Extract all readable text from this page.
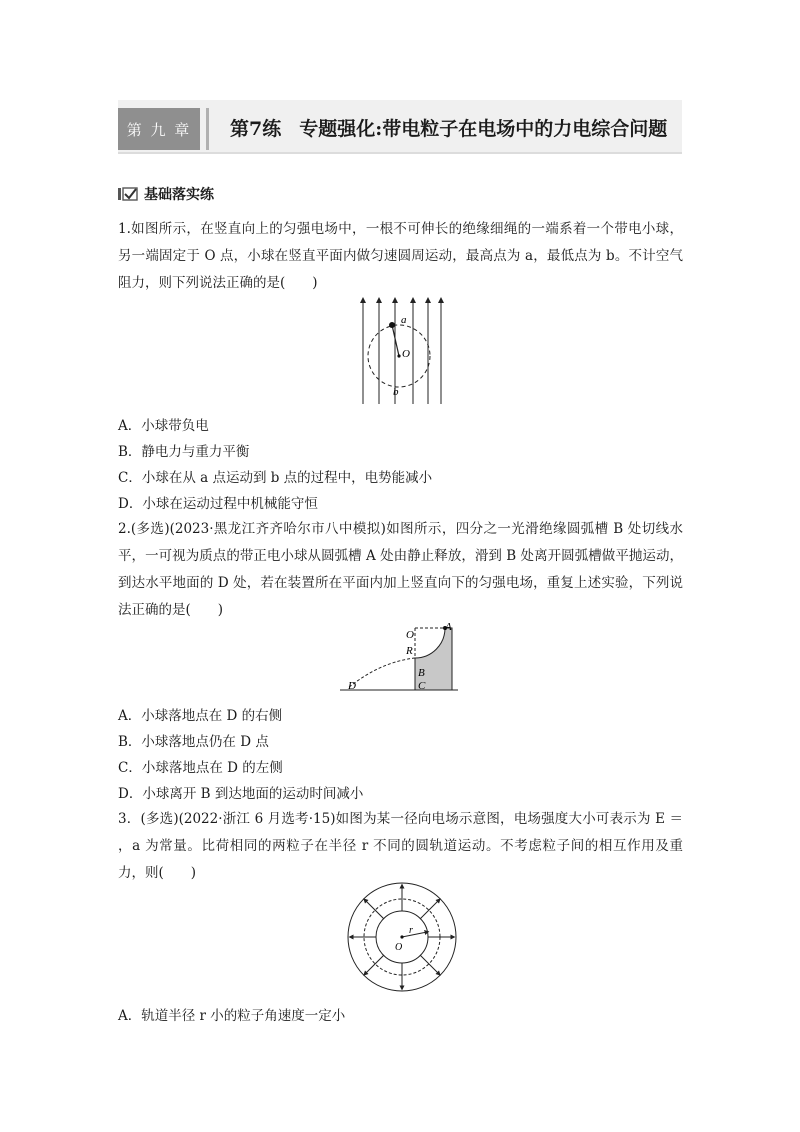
第 九 章	第7练 专题强化:带电粒子在电场中的力电综合问题
基础落实练
1.如图所示，在竖直向上的匀强电场中，一根不可伸长的绝缘细绳的一端系着一个带电小球，另一端固定于 O 点，小球在竖直平面内做匀速圆周运动，最高点为 a，最低点为 b。不计空气阻力，则下列说法正确的是(　　)
a
O
b
A．小球带负电
B．静电力与重力平衡
C．小球在从 a 点运动到 b 点的过程中，电势能减小
D．小球在运动过程中机械能守恒
2.(多选)(2023·黑龙江齐齐哈尔市八中模拟)如图所示，四分之一光滑绝缘圆弧槽 B 处切线水平，一可视为质点的带正电小球从圆弧槽 A 处由静止释放，滑到 B 处离开圆弧槽做平抛运动，到达水平地面的 D 处，若在装置所在平面内加上竖直向下的匀强电场，重复上述实验，下列说法正确的是(　　)
O
A
R
B
C
D
A．小球落地点在 D 的右侧
B．小球落地点仍在 D 点
C．小球落地点在 D 的左侧
D．小球离开 B 到达地面的运动时间减小
3．(多选)(2022·浙江 6 月选考·15)如图为某一径向电场示意图，电场强度大小可表示为 E ＝ ，a 为常量。比荷相同的两粒子在半径 r 不同的圆轨道运动。不考虑粒子间的相互作用及重力，则(　　)
r
O
A．轨道半径 r 小的粒子角速度一定小
